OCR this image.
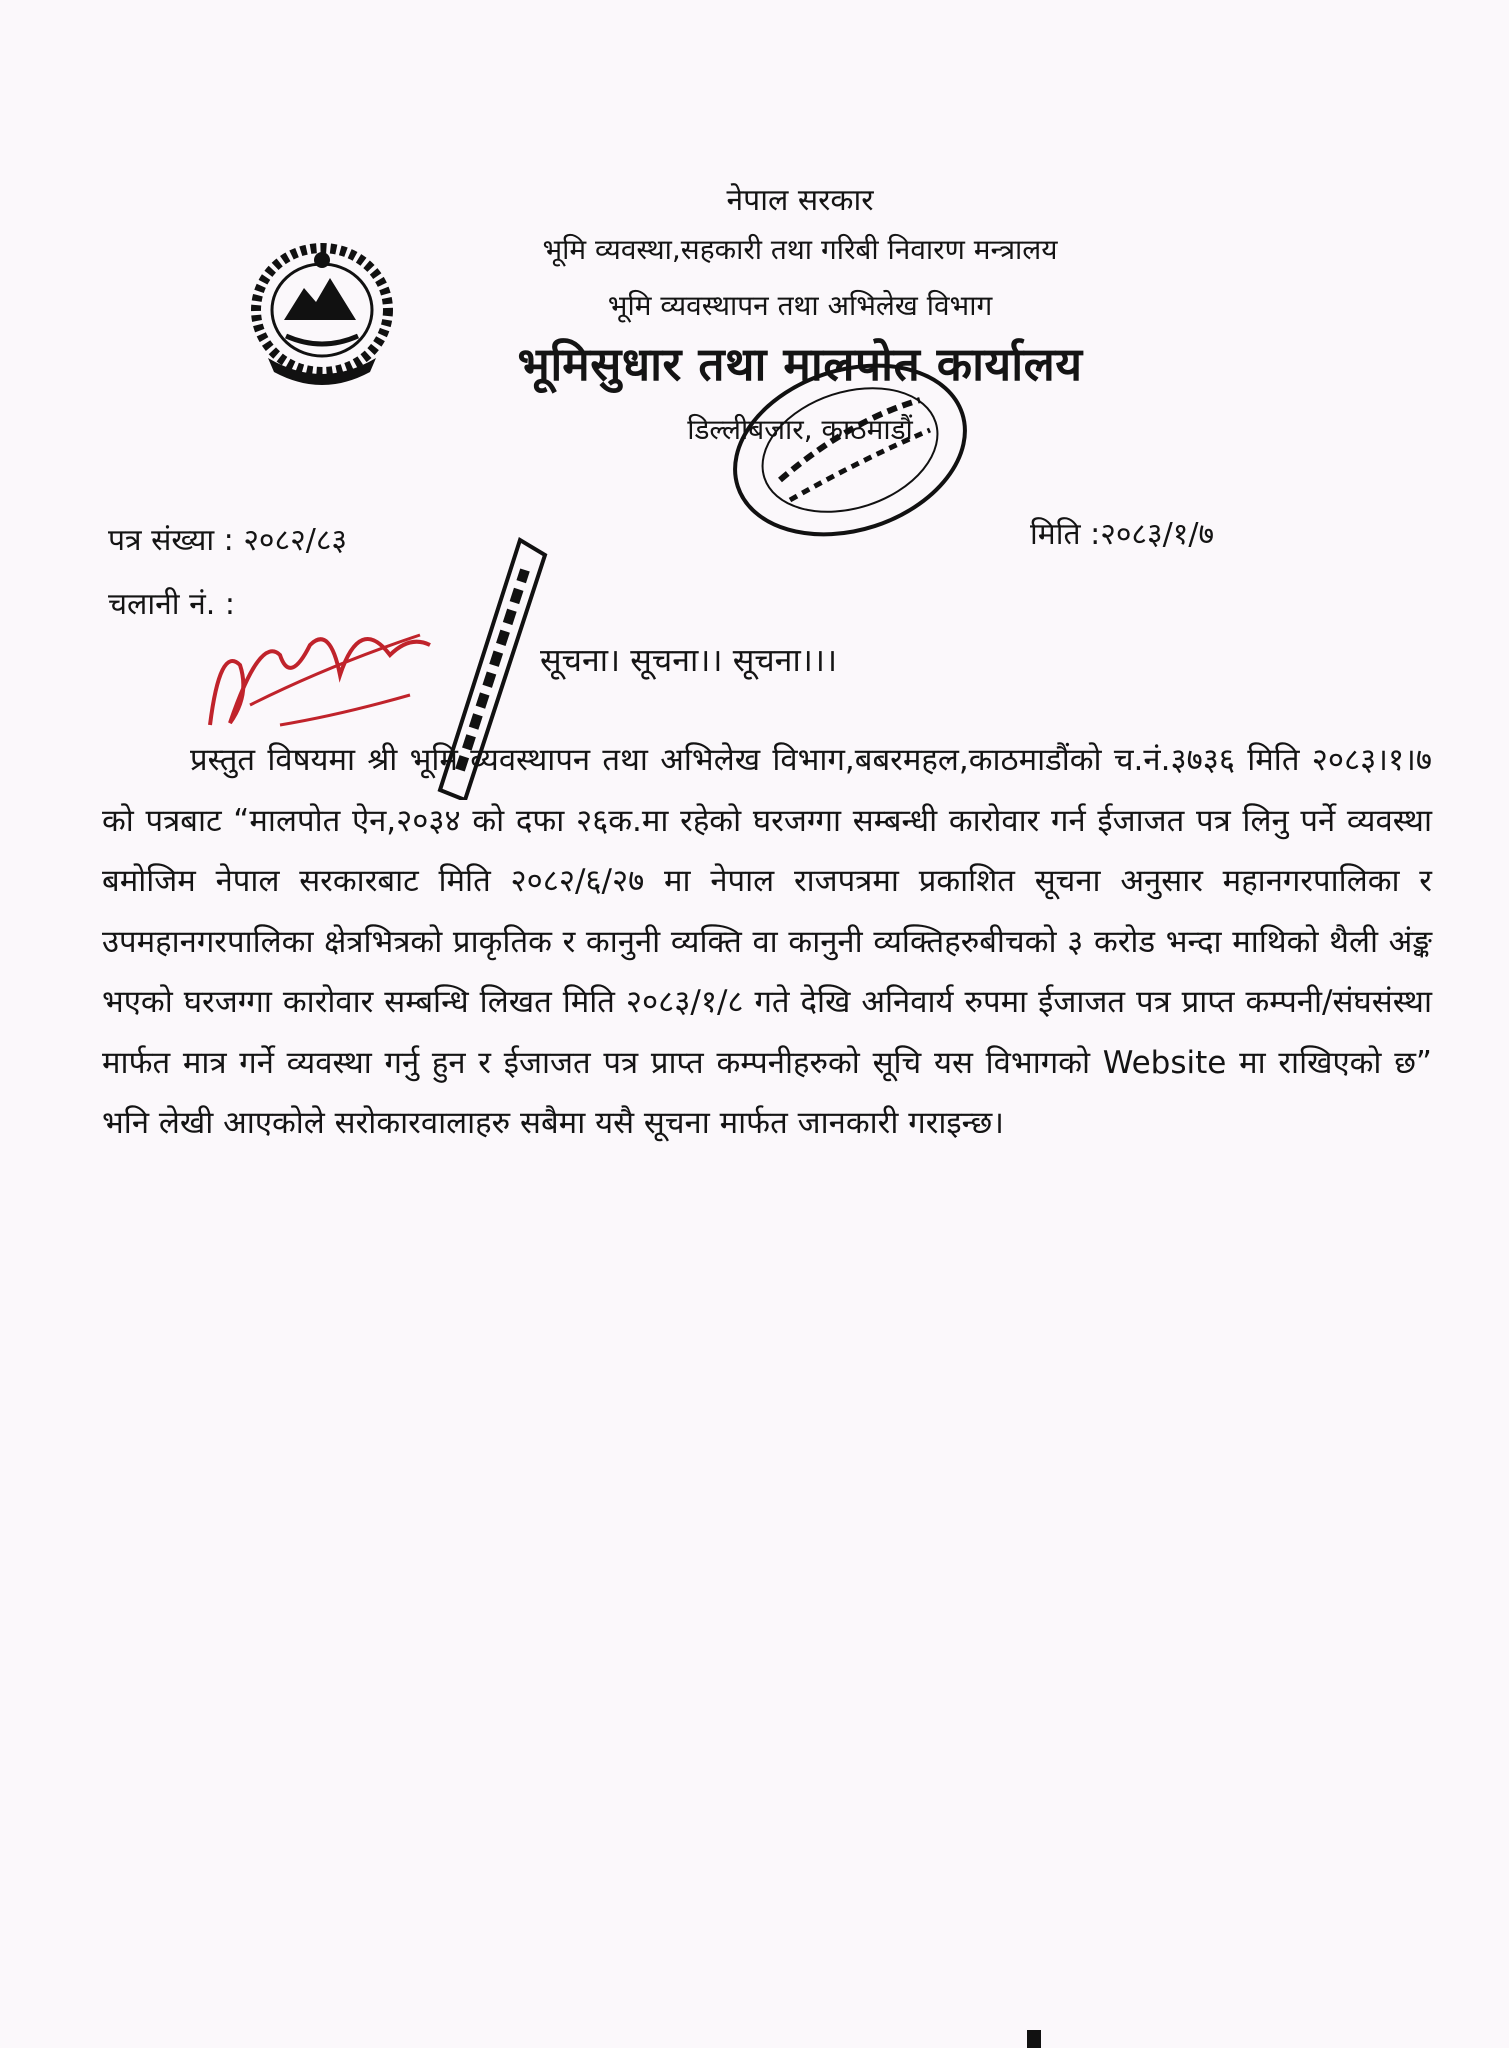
नेपाल सरकार
भूमि व्यवस्था,सहकारी तथा गरिबी निवारण मन्त्रालय
भूमि व्यवस्थापन तथा अभिलेख विभाग
भूमिसुधार तथा मालपोत कार्यालय
डिल्लीबजार, काठमाडौं
पत्र संख्या : २०८२/८३	मिति :२०८३/१/७
चलानी नं. :
सूचना। सूचना।। सूचना।।।

प्रस्तुत विषयमा श्री भूमि व्यवस्थापन तथा अभिलेख विभाग,बबरमहल,काठमाडौंको च.नं.३७३६ मिति २०८३।१।७ को पत्रबाट “मालपोत ऐन,२०३४ को दफा २६क.मा रहेको घरजग्गा सम्बन्धी कारोवार गर्न ईजाजत पत्र लिनु पर्ने व्यवस्था बमोजिम नेपाल सरकारबाट मिति २०८२/६/२७ मा नेपाल राजपत्रमा प्रकाशित सूचना अनुसार महानगरपालिका र उपमहानगरपालिका क्षेत्रभित्रको प्राकृतिक र कानुनी व्यक्ति वा कानुनी व्यक्तिहरुबीचको ३ करोड भन्दा माथिको थैली अंङ्क भएको घरजग्गा कारोवार सम्बन्धि लिखत मिति २०८३/१/८ गते देखि अनिवार्य रुपमा ईजाजत पत्र प्राप्त कम्पनी/संघसंस्था मार्फत मात्र गर्ने व्यवस्था गर्नु हुन र ईजाजत पत्र प्राप्त कम्पनीहरुको सूचि यस विभागको Website मा राखिएको छ” भनि लेखी आएकोले सरोकारवालाहरु सबैमा यसै सूचना मार्फत जानकारी गराइन्छ।
